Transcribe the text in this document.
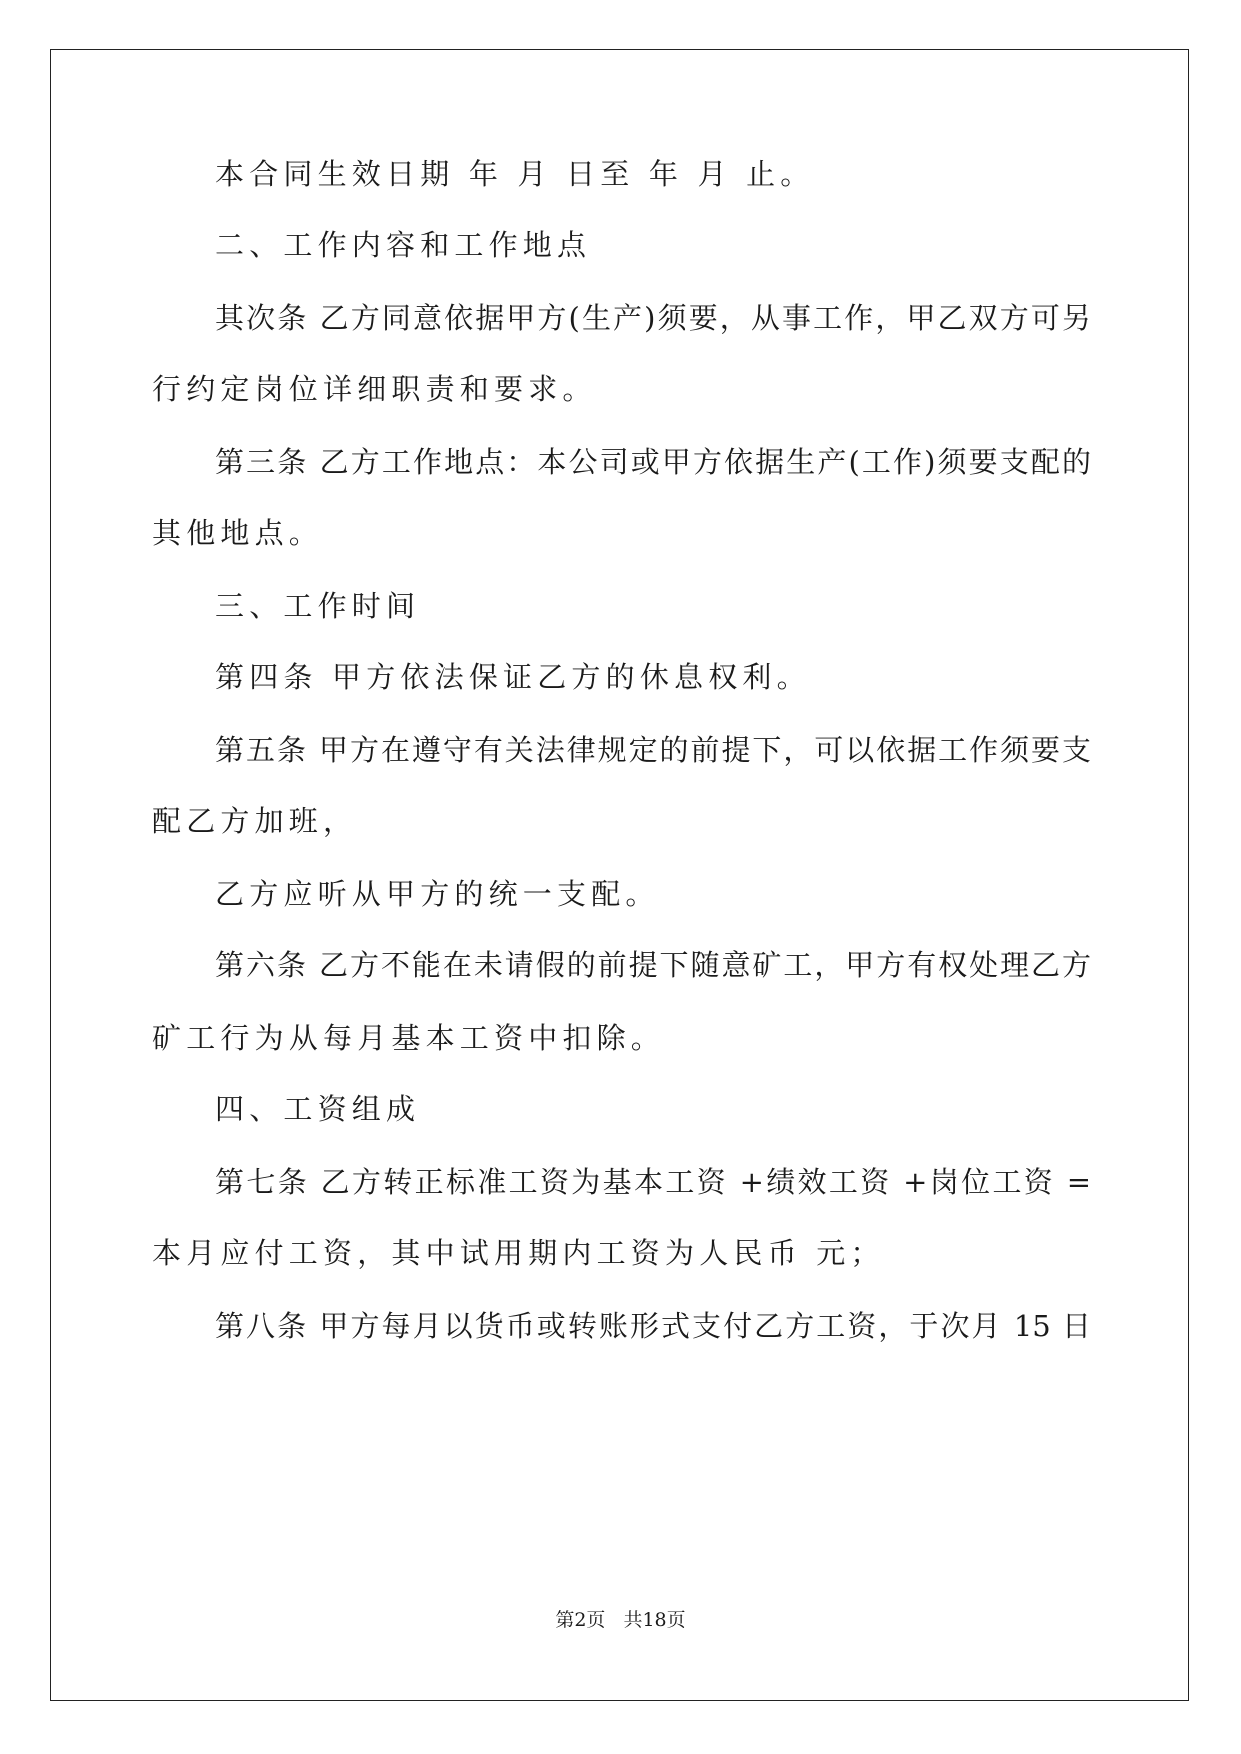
本合同生效日期 年 月 日至 年 月 止。

二、工作内容和工作地点

其次条 乙方同意依据甲方(生产)须要，从事工作，甲乙双方可另

行约定岗位详细职责和要求。

第三条 乙方工作地点：本公司或甲方依据生产(工作)须要支配的

其他地点。

三、工作时间

第四条 甲方依法保证乙方的休息权利。

第五条 甲方在遵守有关法律规定的前提下，可以依据工作须要支

配乙方加班，

乙方应听从甲方的统一支配。

第六条 乙方不能在未请假的前提下随意矿工，甲方有权处理乙方

矿工行为从每月基本工资中扣除。

四、工资组成

第七条 乙方转正标准工资为基本工资 +绩效工资 +岗位工资 =

本月应付工资，其中试用期内工资为人民币 元；

第八条 甲方每月以货币或转账形式支付乙方工资，于次月 15 日

第2页 共18页
